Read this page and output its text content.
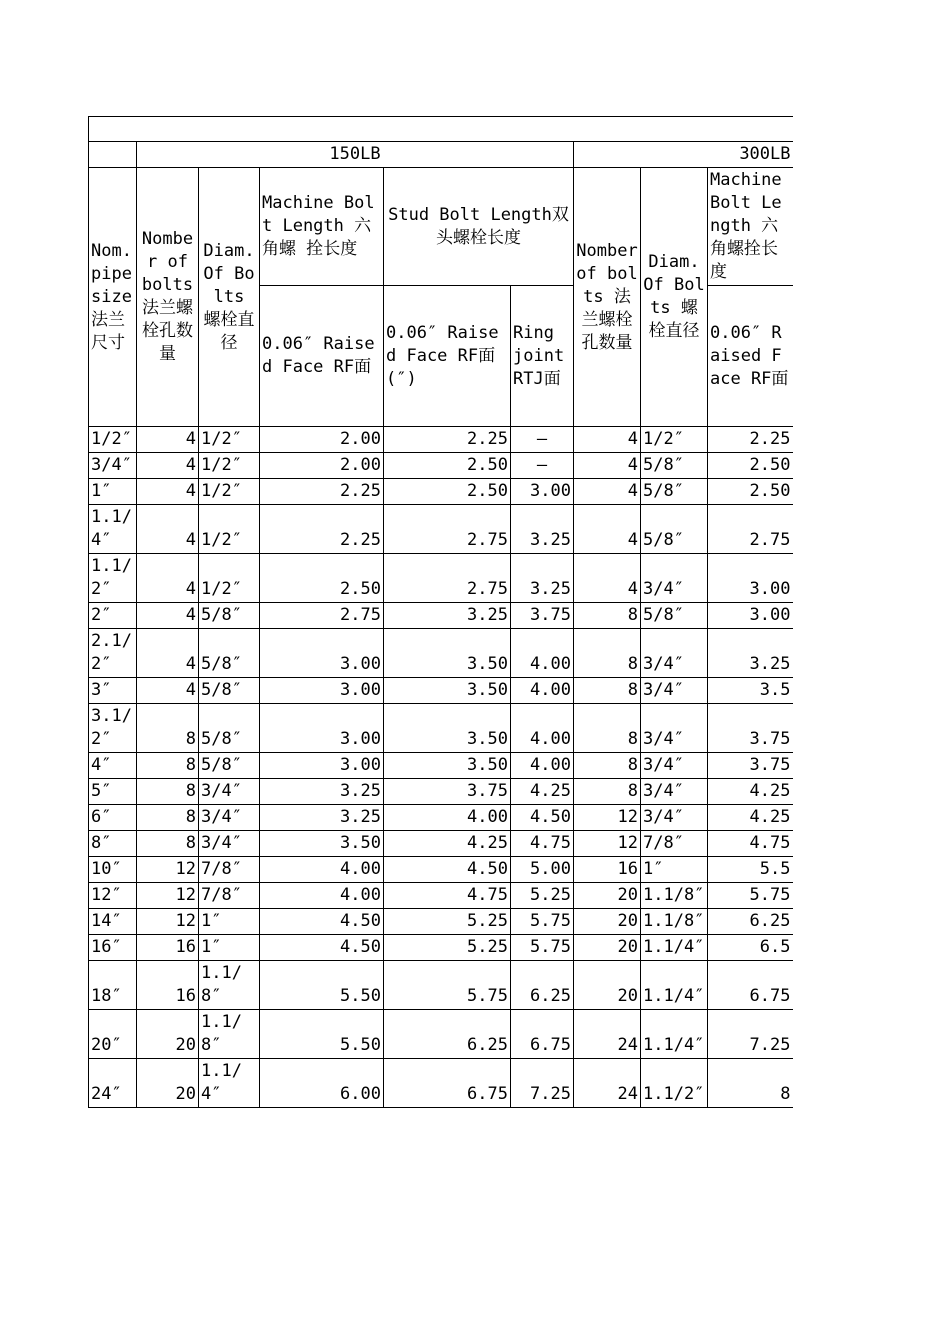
	150LB					300LB		
Nom. pipe size 法兰尺寸	Nomber of bolts 法兰螺栓孔数量	Diam. Of Bolts 螺栓直径	Machine Bolt Length 六角螺 拴长度	Stud Bolt Length双头螺栓长度		Nomber of bolts 法兰螺栓孔数量	Diam. Of Bolts 螺栓直径	Machine Bolt Length 六角螺拴长度
			0.06″ Raised Face RF面	0.06″ Raised Face RF面(″)	Ring joint RTJ面			0.06″ Raised Face RF面
1/2″	4	1/2″	2.00	2.25	–	4	1/2″	2.25
3/4″	4	1/2″	2.00	2.50	–	4	5/8″	2.50
1″	4	1/2″	2.25	2.50	3.00	4	5/8″	2.50
1.1/4″	4	1/2″	2.25	2.75	3.25	4	5/8″	2.75
1.1/2″	4	1/2″	2.50	2.75	3.25	4	3/4″	3.00
2″	4	5/8″	2.75	3.25	3.75	8	5/8″	3.00
2.1/2″	4	5/8″	3.00	3.50	4.00	8	3/4″	3.25
3″	4	5/8″	3.00	3.50	4.00	8	3/4″	3.5
3.1/2″	8	5/8″	3.00	3.50	4.00	8	3/4″	3.75
4″	8	5/8″	3.00	3.50	4.00	8	3/4″	3.75
5″	8	3/4″	3.25	3.75	4.25	8	3/4″	4.25
6″	8	3/4″	3.25	4.00	4.50	12	3/4″	4.25
8″	8	3/4″	3.50	4.25	4.75	12	7/8″	4.75
10″	12	7/8″	4.00	4.50	5.00	16	1″	5.5
12″	12	7/8″	4.00	4.75	5.25	20	1.1/8″	5.75
14″	12	1″	4.50	5.25	5.75	20	1.1/8″	6.25
16″	16	1″	4.50	5.25	5.75	20	1.1/4″	6.5
18″	16	1.1/8″	5.50	5.75	6.25	20	1.1/4″	6.75
20″	20	1.1/8″	5.50	6.25	6.75	24	1.1/4″	7.25
24″	20	1.1/4″	6.00	6.75	7.25	24	1.1/2″	8
